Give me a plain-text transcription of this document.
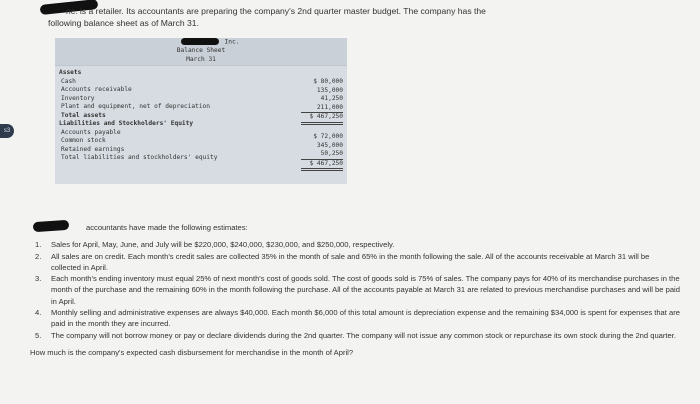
s3
nc. is a retailer. Its accountants are preparing the company's 2nd quarter master budget. The company has the
following balance sheet as of March 31.
Inc.
Balance Sheet
March 31
Assets
Cash
Accounts receivable
Inventory
Plant and equipment, net of depreciation
Total assets
Liabilities and Stockholders' Equity
Accounts payable
Common stock
Retained earnings
Total liabilities and stockholders' equity
$ 80,000
135,000
41,250
211,000
$ 467,250
$ 72,000
345,000
50,250
$ 467,250
accountants have made the following estimates:
1. Sales for April, May, June, and July will be $220,000, $240,000, $230,000, and $250,000, respectively.
2. All sales are on credit. Each month's credit sales are collected 35% in the month of sale and 65% in the month following the sale. All of the accounts receivable at March 31 will be collected in April.
3. Each month's ending inventory must equal 25% of next month's cost of goods sold. The cost of goods sold is 75% of sales. The company pays for 40% of its merchandise purchases in the month of the purchase and the remaining 60% in the month following the purchase. All of the accounts payable at March 31 are related to previous merchandise purchases and will be paid in April.
4. Monthly selling and administrative expenses are always $40,000. Each month $6,000 of this total amount is depreciation expense and the remaining $34,000 is spent for expenses that are paid in the month they are incurred.
5. The company will not borrow money or pay or declare dividends during the 2nd quarter. The company will not issue any common stock or repurchase its own stock during the 2nd quarter.
How much is the company's expected cash disbursement for merchandise in the month of April?
